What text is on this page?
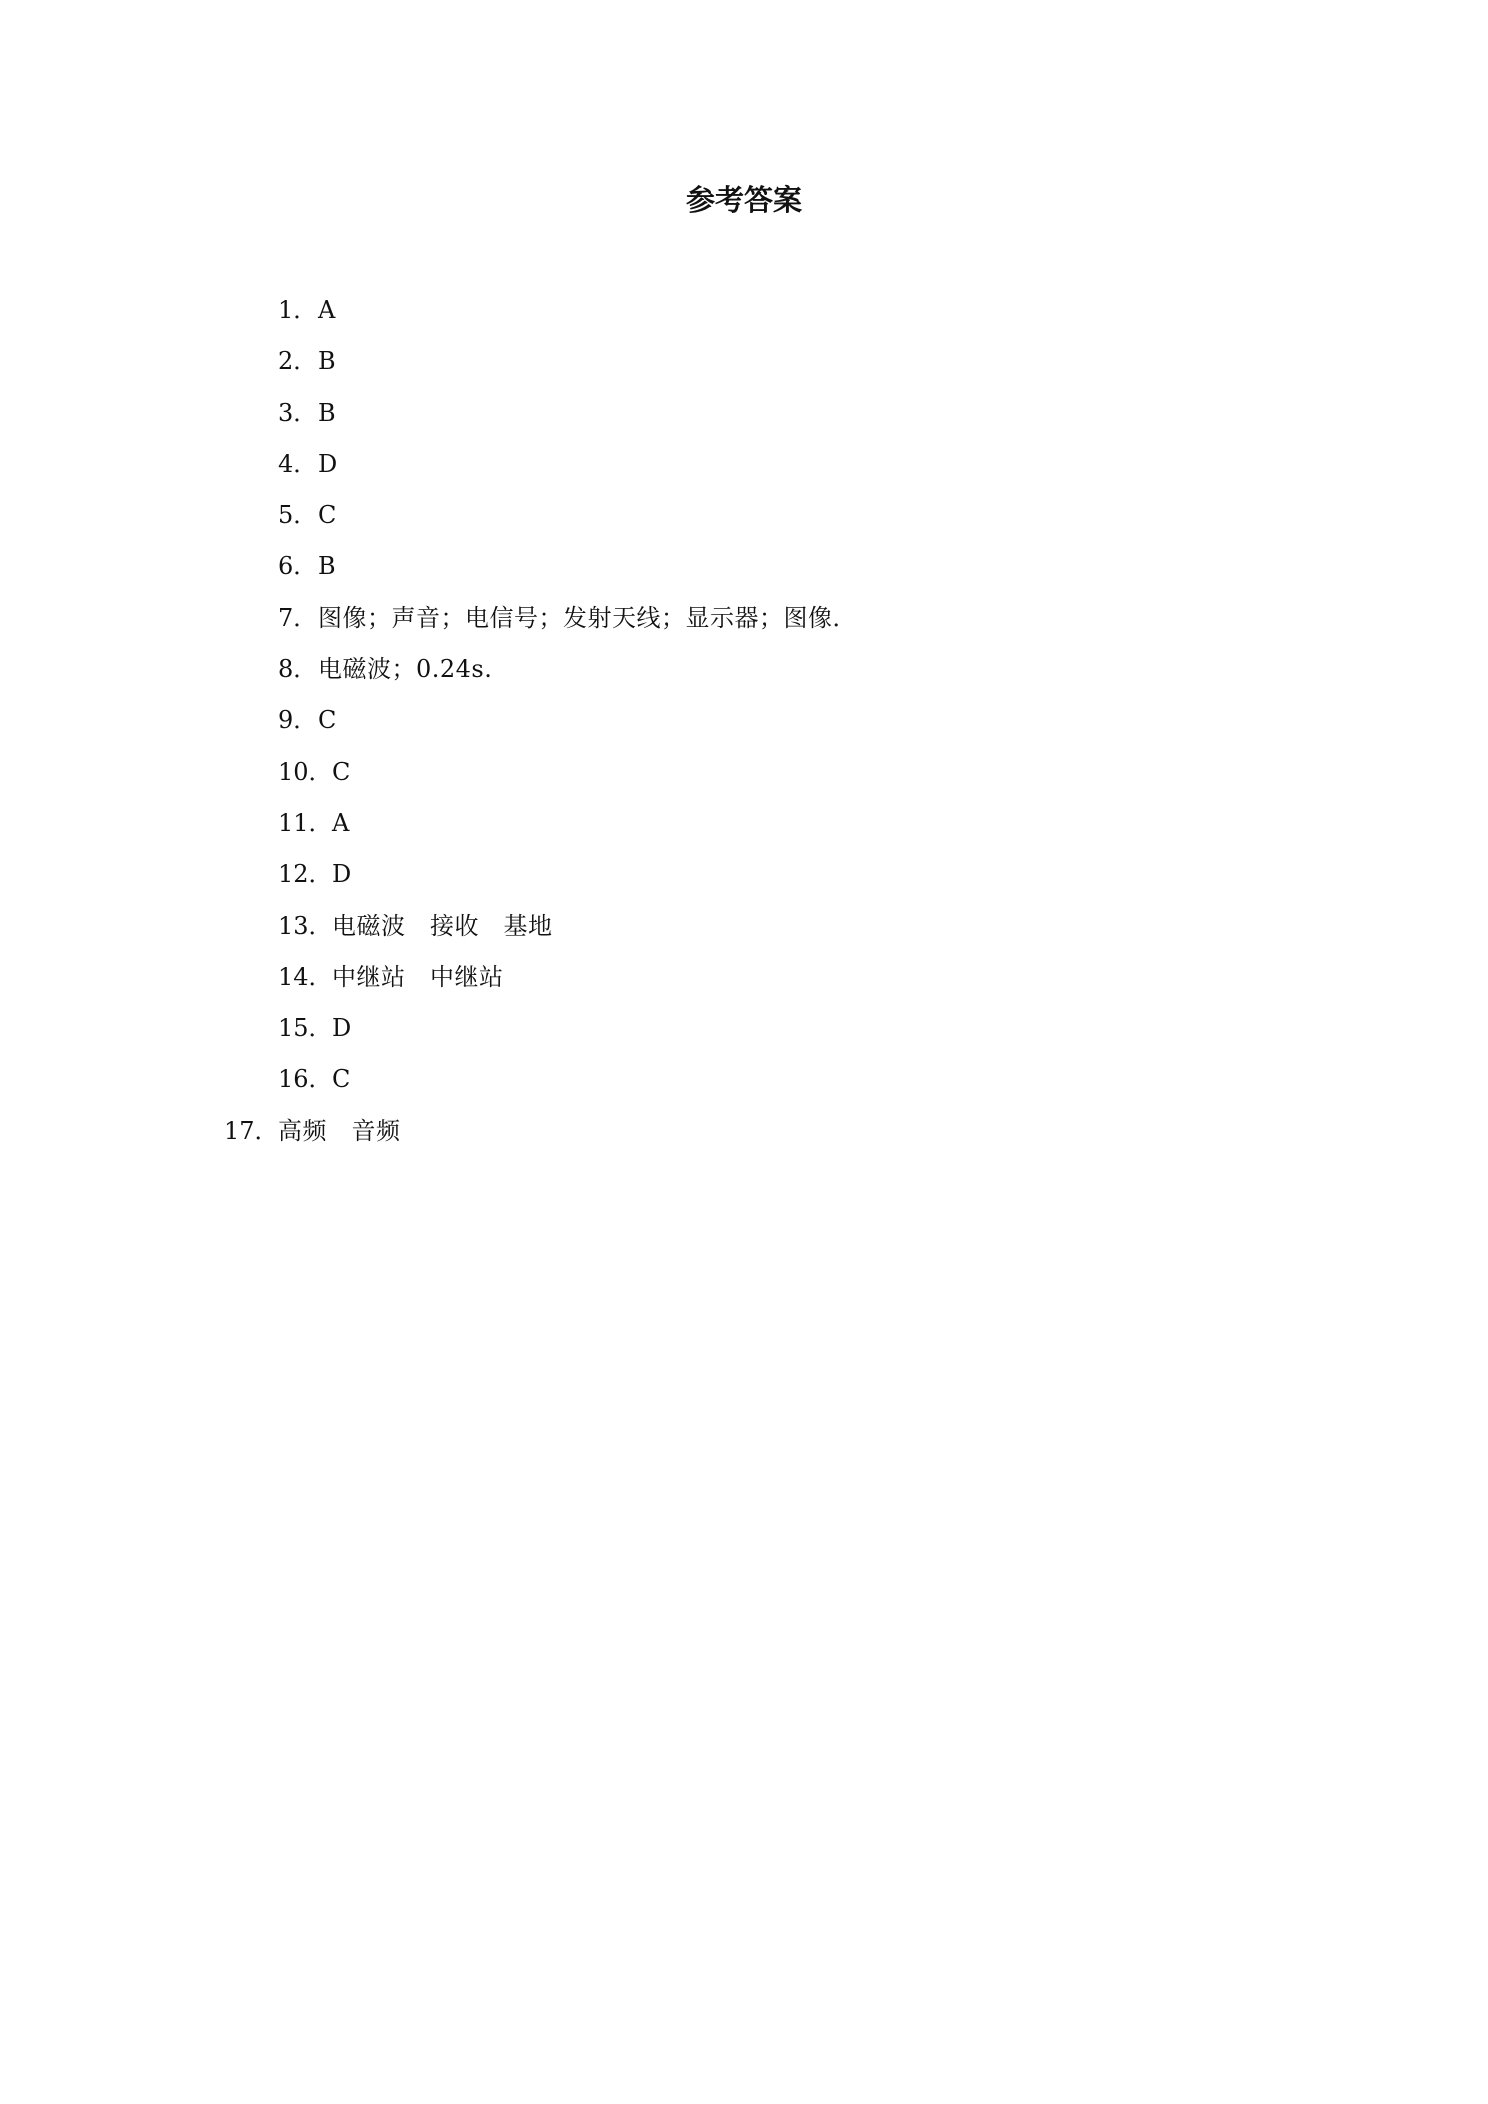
参考答案
1． A
2． B
3． B
4． D
5． C
6． B
7． 图像；声音；电信号；发射天线；显示器；图像．
8． 电磁波；0.24s.
9． C
10． C
11． A
12． D
13． 电磁波　接收　基地
14． 中继站　中继站
15． D
16． C
17． 高频　音频
